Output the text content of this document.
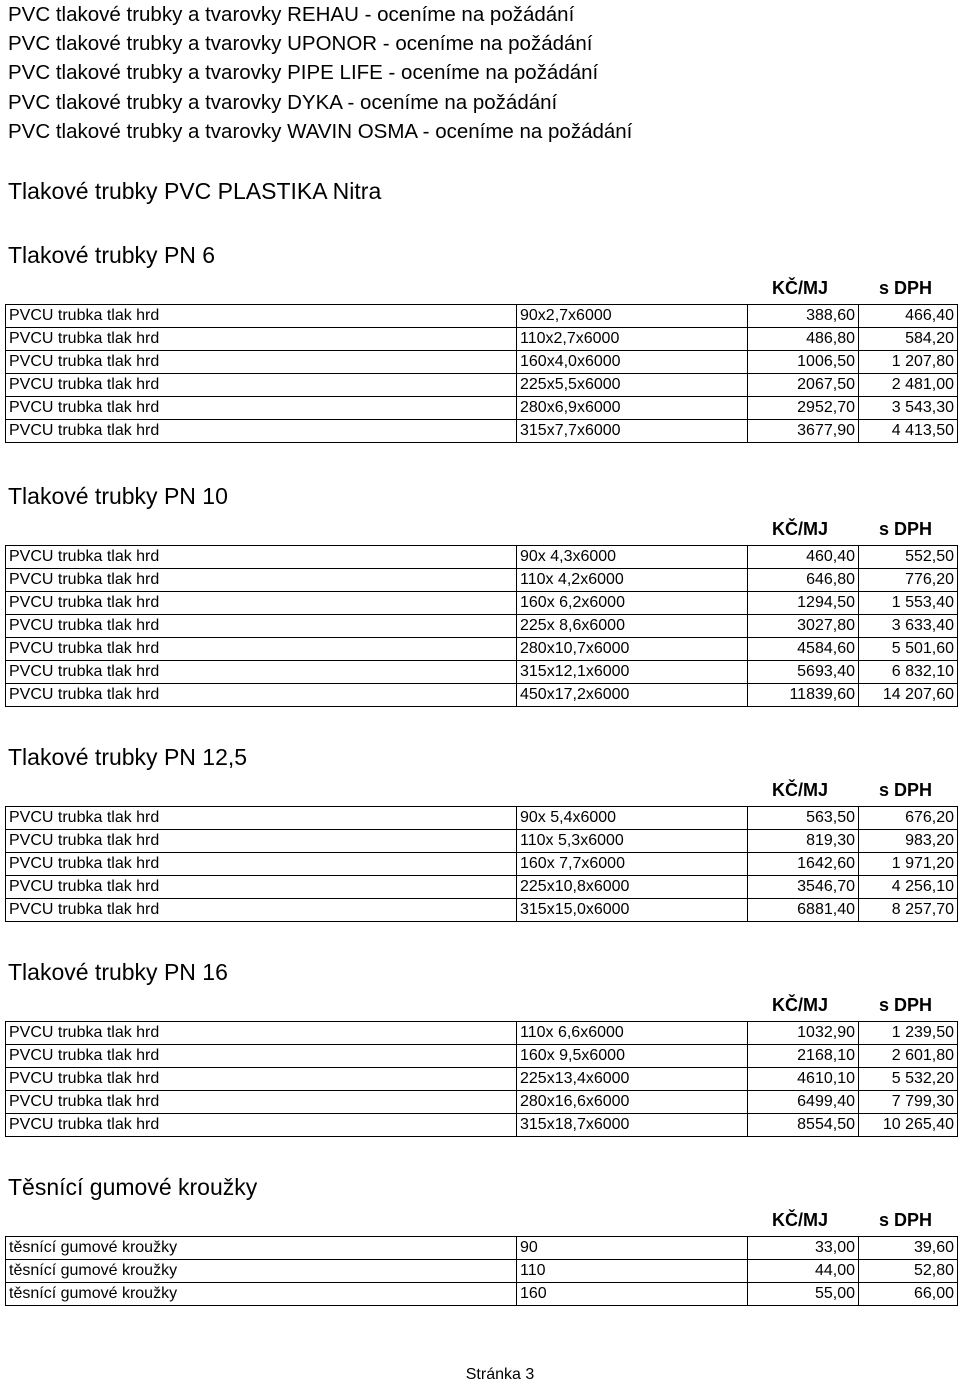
PVC tlakové trubky a tvarovky REHAU - oceníme na požádání
PVC tlakové trubky a tvarovky UPONOR - oceníme na požádání
PVC tlakové trubky a tvarovky PIPE LIFE - oceníme na požádání
PVC tlakové trubky a tvarovky DYKA - oceníme na požádání
PVC tlakové trubky a tvarovky WAVIN OSMA - oceníme na požádání
Tlakové trubky PVC PLASTIKA Nitra
Tlakové trubky PN 6
KČ/MJ	s DPH
PVCU trubka tlak hrd	90x2,7x6000	388,60	466,40
PVCU trubka tlak hrd	110x2,7x6000	486,80	584,20
PVCU trubka tlak hrd	160x4,0x6000	1006,50	1 207,80
PVCU trubka tlak hrd	225x5,5x6000	2067,50	2 481,00
PVCU trubka tlak hrd	280x6,9x6000	2952,70	3 543,30
PVCU trubka tlak hrd	315x7,7x6000	3677,90	4 413,50
Tlakové trubky PN 10
KČ/MJ	s DPH
PVCU trubka tlak hrd	90x 4,3x6000	460,40	552,50
PVCU trubka tlak hrd	110x 4,2x6000	646,80	776,20
PVCU trubka tlak hrd	160x 6,2x6000	1294,50	1 553,40
PVCU trubka tlak hrd	225x 8,6x6000	3027,80	3 633,40
PVCU trubka tlak hrd	280x10,7x6000	4584,60	5 501,60
PVCU trubka tlak hrd	315x12,1x6000	5693,40	6 832,10
PVCU trubka tlak hrd	450x17,2x6000	11839,60	14 207,60
Tlakové trubky PN 12,5
KČ/MJ	s DPH
PVCU trubka tlak hrd	90x 5,4x6000	563,50	676,20
PVCU trubka tlak hrd	110x 5,3x6000	819,30	983,20
PVCU trubka tlak hrd	160x 7,7x6000	1642,60	1 971,20
PVCU trubka tlak hrd	225x10,8x6000	3546,70	4 256,10
PVCU trubka tlak hrd	315x15,0x6000	6881,40	8 257,70
Tlakové trubky PN 16
KČ/MJ	s DPH
PVCU trubka tlak hrd	110x 6,6x6000	1032,90	1 239,50
PVCU trubka tlak hrd	160x 9,5x6000	2168,10	2 601,80
PVCU trubka tlak hrd	225x13,4x6000	4610,10	5 532,20
PVCU trubka tlak hrd	280x16,6x6000	6499,40	7 799,30
PVCU trubka tlak hrd	315x18,7x6000	8554,50	10 265,40
Těsnící gumové kroužky
KČ/MJ	s DPH
těsnící gumové kroužky	90	33,00	39,60
těsnící gumové kroužky	110	44,00	52,80
těsnící gumové kroužky	160	55,00	66,00
Stránka 3
